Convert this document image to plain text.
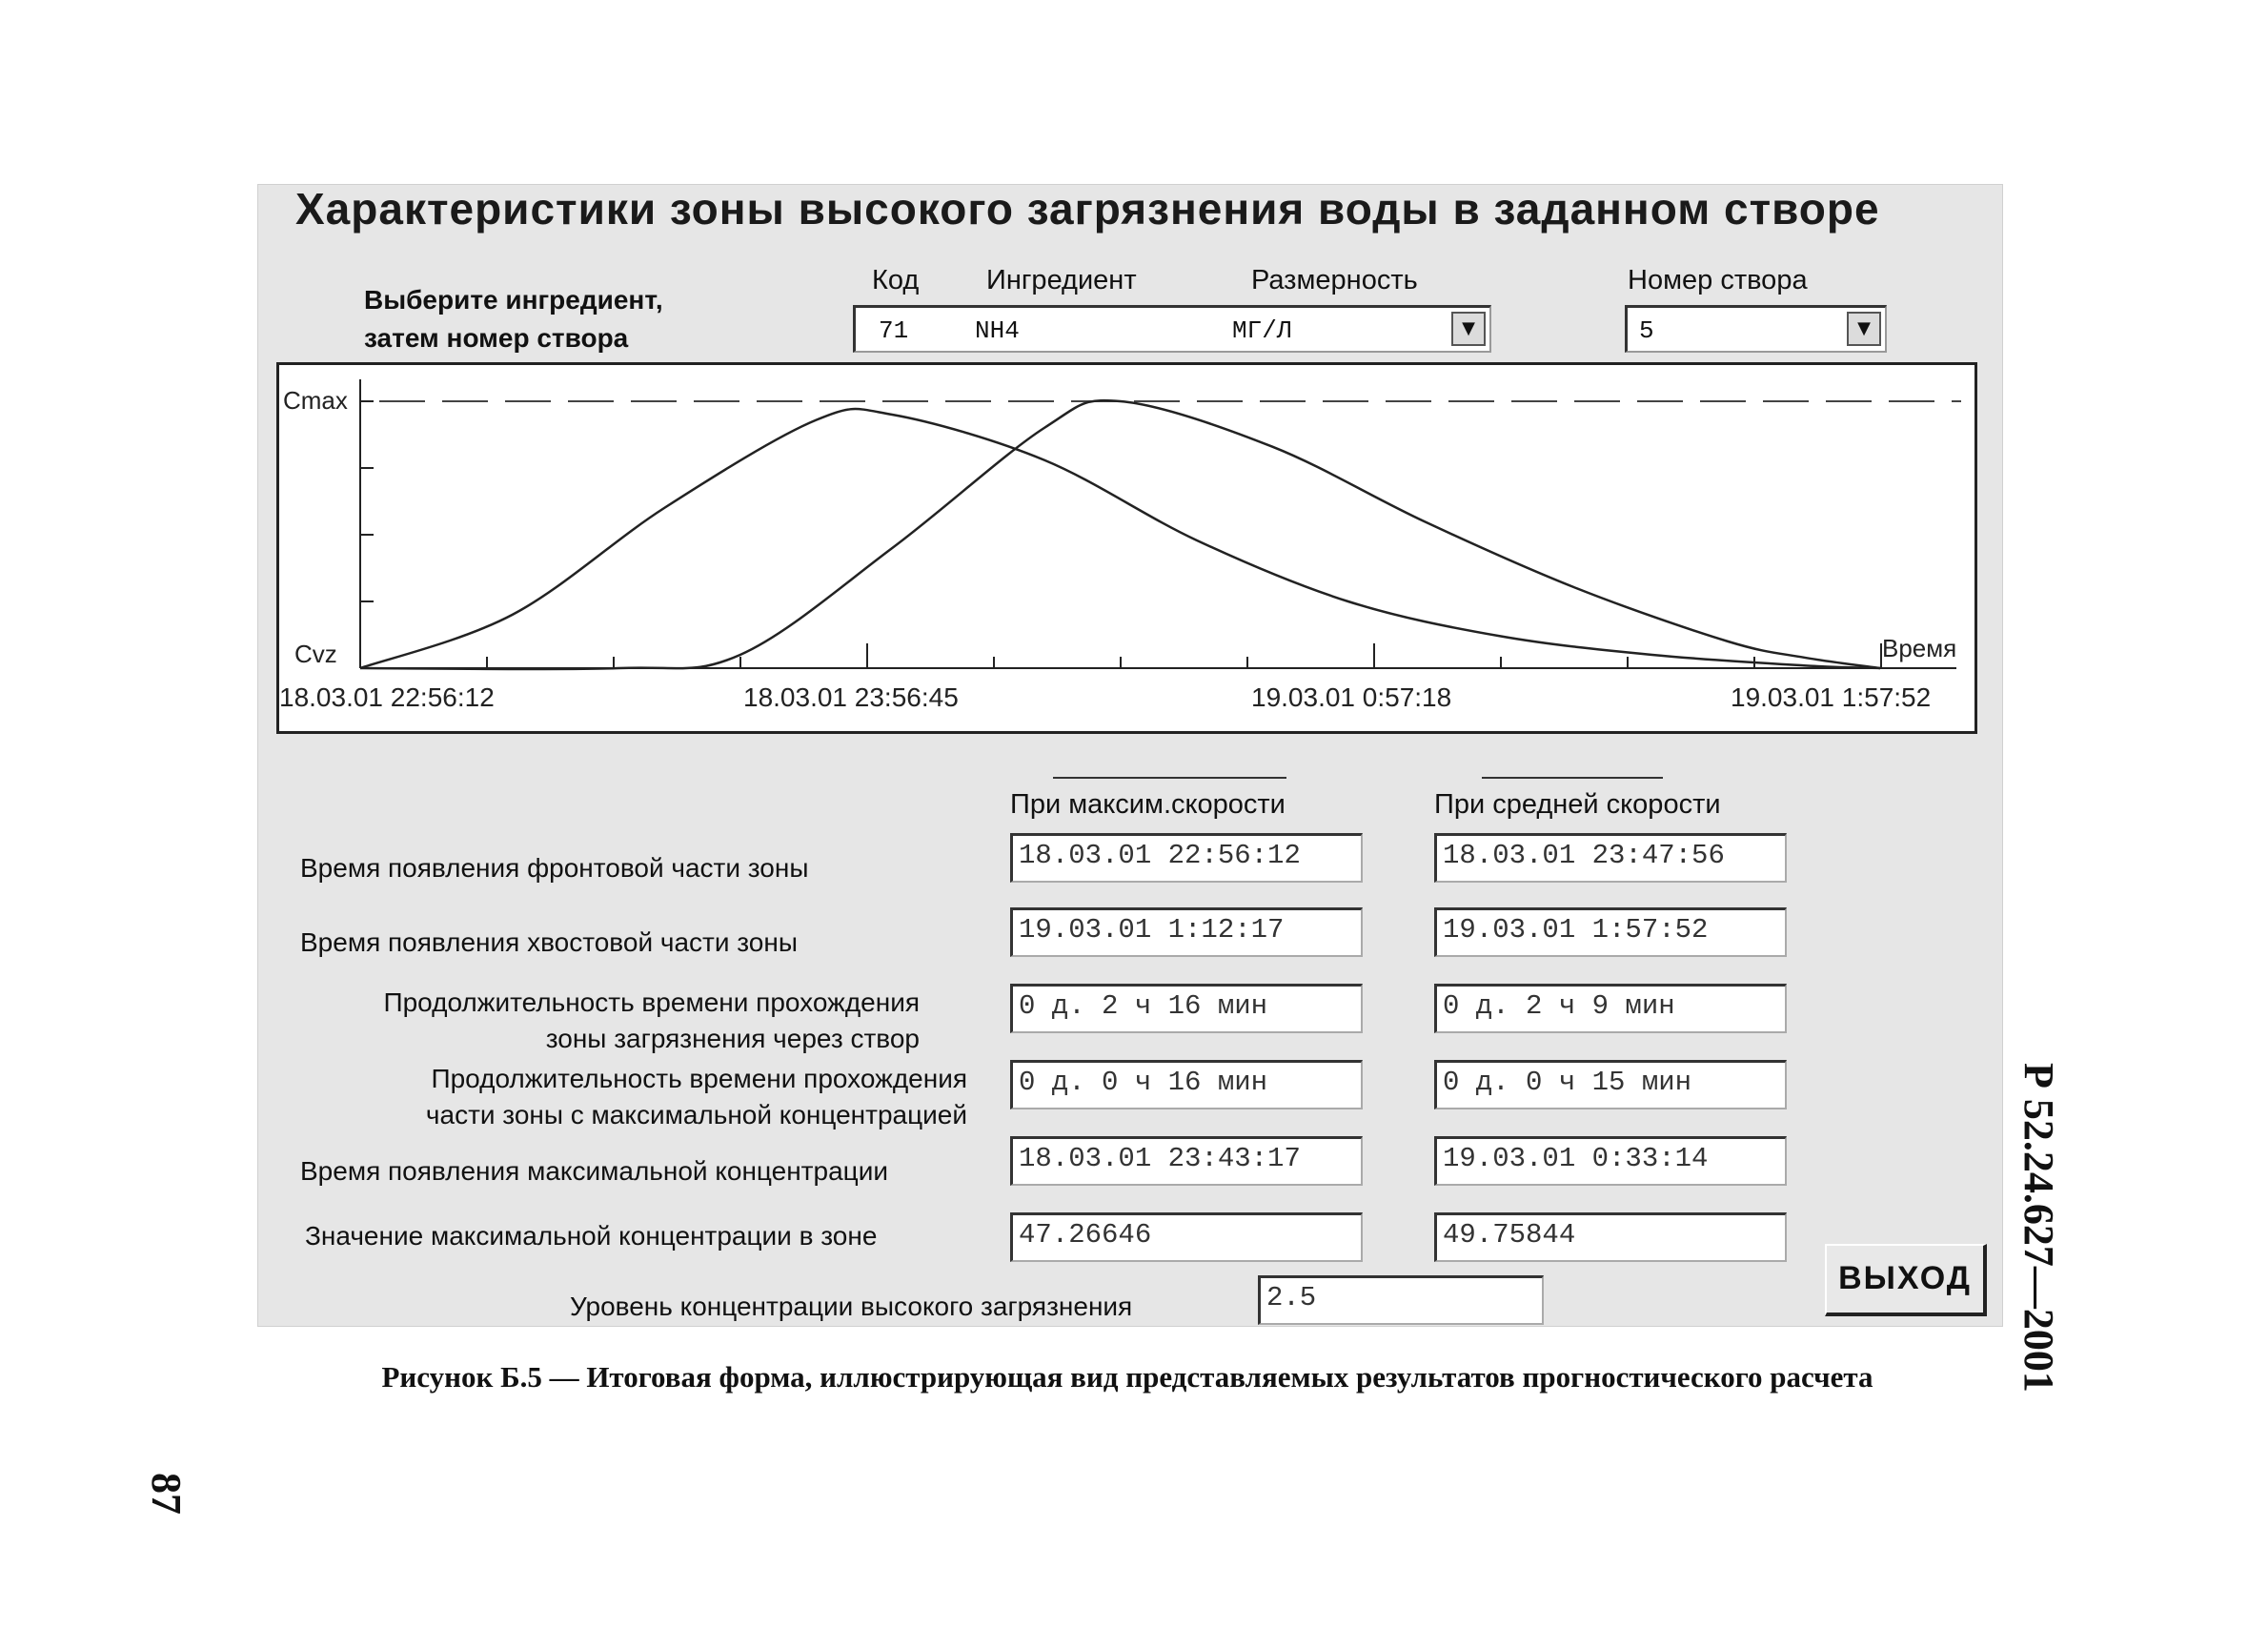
Характеристики зоны высокого загрязнения воды в заданном створе
Выберите ингредиент,
затем номер створа
Код Ингредиент	Размерность	Номер створа
71	NH4	МГ/Л	▼	5	▼
Cmax
Cvz	Время
18.03.01 22:56:12	18.03.01 23:56:45	19.03.01 0:57:18	19.03.01 1:57:52
При максим.скорости	При средней скорости
Время появления фронтовой части зоны	18.03.01 22:56:12	18.03.01 23:47:56
Время появления хвостовой части зоны	19.03.01 1:12:17	19.03.01 1:57:52
Продолжительность времени прохождения
зоны загрязнения через створ
0 д. 2 ч 16 мин	0 д. 2 ч 9 мин
Продолжительность времени прохождения
части зоны с максимальной концентрацией
0 д. 0 ч 16 мин	0 д. 0 ч 15 мин
Время появления максимальной концентрации	18.03.01 23:43:17	19.03.01 0:33:14
Значение максимальной концентрации в зоне	47.26646	49.75844
Уровень концентрации высокого загрязнения	2.5
ВЫХОД
Рисунок Б.5 — Итоговая форма, иллюстрирующая вид представляемых результатов прогностического расчета	Р 52.24.627—2001
87
